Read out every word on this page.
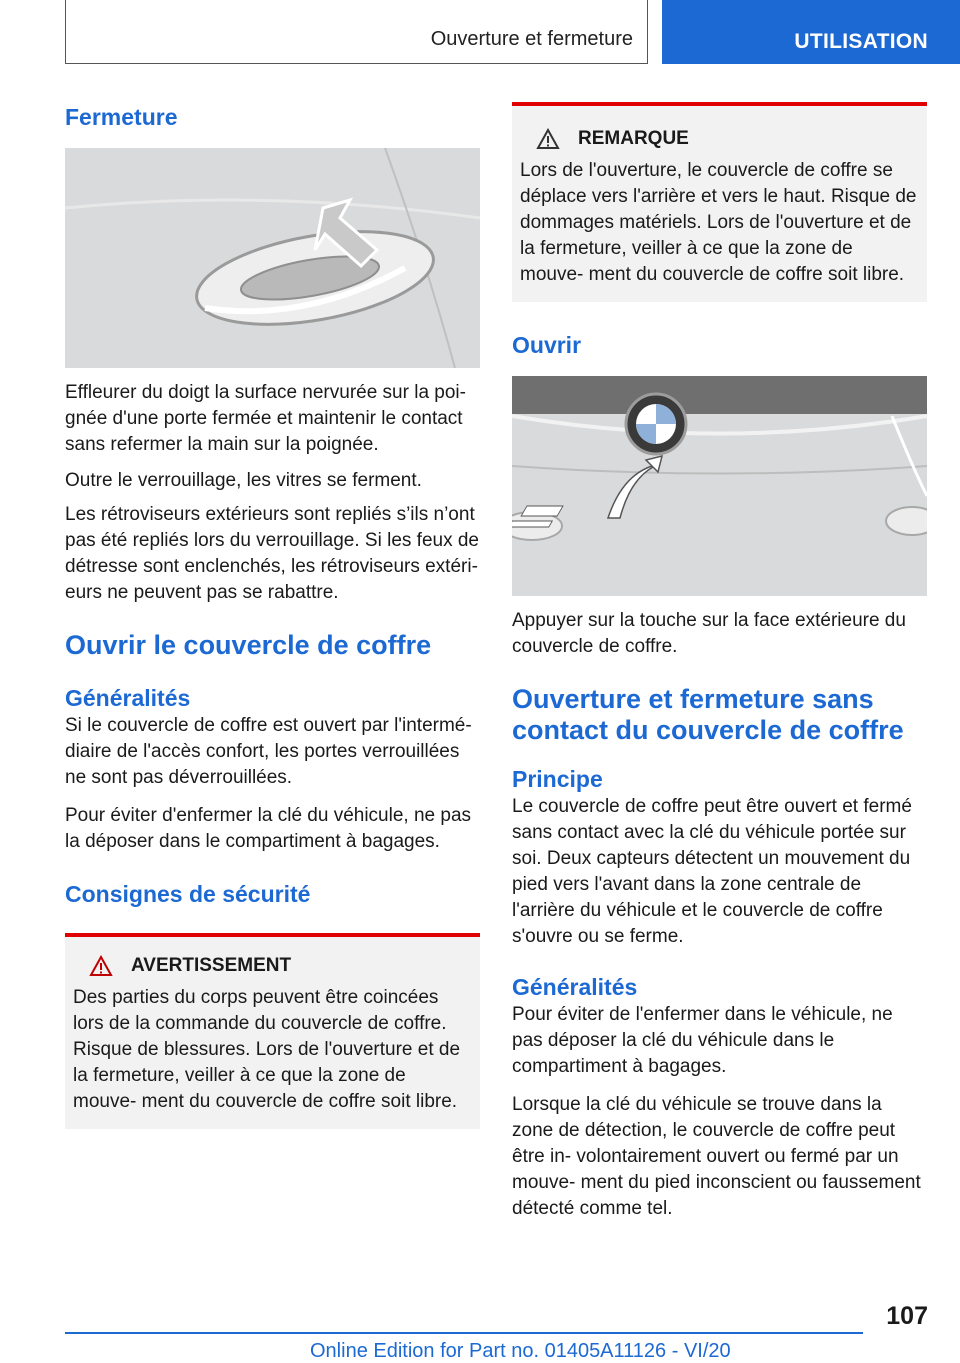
Ouverture et fermeture	UTILISATION
Fermeture

Effleurer du doigt la surface nervurée sur la poi‐ gnée d'une porte fermée et maintenir le contact sans refermer la main sur la poignée.

Outre le verrouillage, les vitres se ferment.

Les rétroviseurs extérieurs sont repliés s’ils n’ont pas été repliés lors du verrouillage. Si les feux de détresse sont enclenchés, les rétroviseurs extéri‐ eurs ne peuvent pas se rabattre.

Ouvrir le couvercle de coffre
Généralités

Si le couvercle de coffre est ouvert par l'intermé‐ diaire de l'accès confort, les portes verrouillées ne sont pas déverrouillées.

Pour éviter d'enfermer la clé du véhicule, ne pas la déposer dans le compartiment à bagages.

Consignes de sécurité
AVERTISSEMENT

Des parties du corps peuvent être coincées lors de la commande du couvercle de coffre. Risque de blessures. Lors de l'ouverture et de la fermeture, veiller à ce que la zone de mouve‐ ment du couvercle de coffre soit libre.

REMARQUE

Lors de l'ouverture, le couvercle de coffre se déplace vers l'arrière et vers le haut. Risque de dommages matériels. Lors de l'ouverture et de la fermeture, veiller à ce que la zone de mouve‐ ment du couvercle de coffre soit libre.

Ouvrir

Appuyer sur la touche sur la face extérieure du couvercle de coffre.

Ouverture et fermeture sans contact du couvercle de coffre
Principe

Le couvercle de coffre peut être ouvert et fermé sans contact avec la clé du véhicule portée sur soi. Deux capteurs détectent un mouvement du pied vers l'avant dans la zone centrale de l'arrière du véhicule et le couvercle de coffre s'ouvre ou se ferme.

Généralités

Pour éviter de l'enfermer dans le véhicule, ne pas déposer la clé du véhicule dans le compartiment à bagages.

Lorsque la clé du véhicule se trouve dans la zone de détection, le couvercle de coffre peut être in‐ volontairement ouvert ou fermé par un mouve‐ ment du pied inconscient ou faussement détecté comme tel.

107
Online Edition for Part no. 01405A11126 - VI/20
